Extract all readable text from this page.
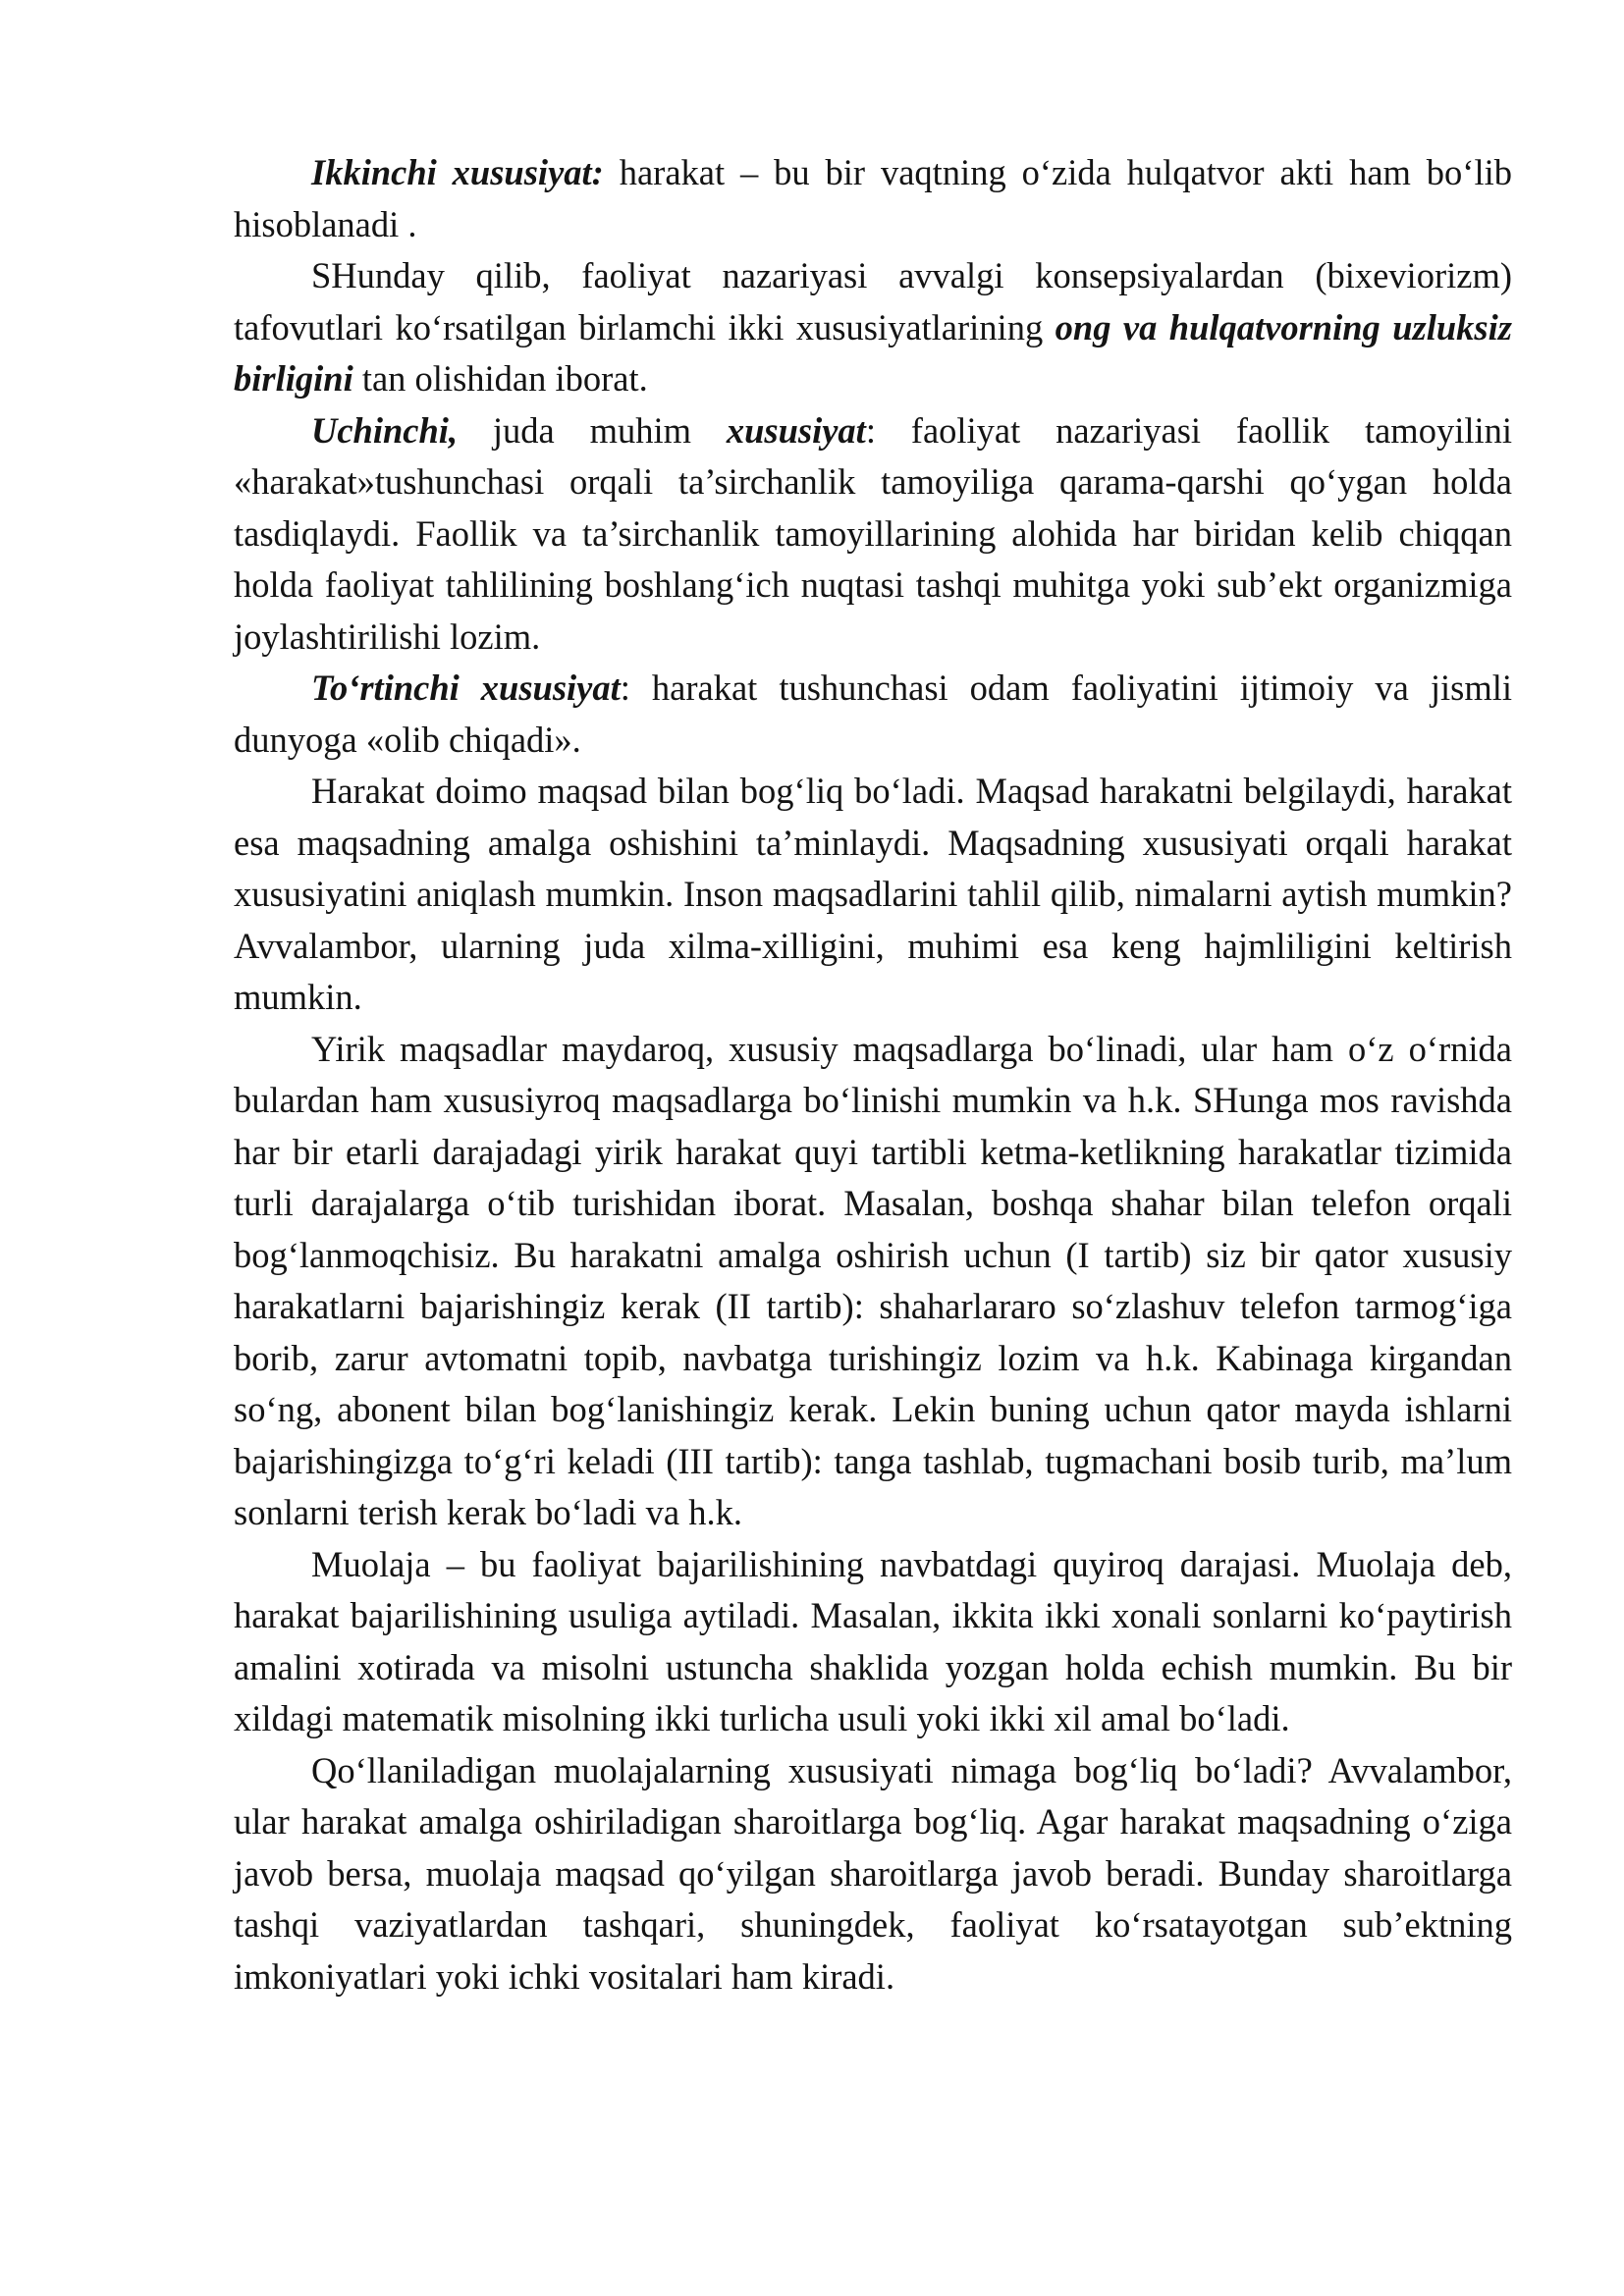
Ikkinchi xususiyat: harakat – bu bir vaqtning o‘zida hulqatvor akti ham bo‘lib hisoblanadi .

SHunday qilib, faoliyat nazariyasi avvalgi konsepsiyalardan (bixeviorizm) tafovutlari ko‘rsatilgan birlamchi ikki xususiyatlarining ong va hulqatvorning uzluksiz birligini tan olishidan iborat.

Uchinchi, juda muhim xususiyat: faoliyat nazariyasi faollik tamoyilini «harakat»tushunchasi orqali ta’sirchanlik tamoyiliga qarama-qarshi qo‘ygan holda tasdiqlaydi. Faollik va ta’sirchanlik tamoyillarining alohida har biridan kelib chiqqan holda faoliyat tahlilining boshlang‘ich nuqtasi tashqi muhitga yoki sub’ekt organizmiga joylashtirilishi lozim.

To‘rtinchi xususiyat: harakat tushunchasi odam faoliyatini ijtimoiy va jismli dunyoga «olib chiqadi».

Harakat doimo maqsad bilan bog‘liq bo‘ladi. Maqsad harakatni belgilaydi, harakat esa maqsadning amalga oshishini ta’minlaydi. Maqsadning xususiyati orqali harakat xususiyatini aniqlash mumkin. Inson maqsadlarini tahlil qilib, nimalarni aytish mumkin? Avvalambor, ularning juda xilma-xilligini, muhimi esa keng hajmliligini keltirish mumkin.

Yirik maqsadlar maydaroq, xususiy maqsadlarga bo‘linadi, ular ham o‘z o‘rnida bulardan ham xususiyroq maqsadlarga bo‘linishi mumkin va h.k. SHunga mos ravishda har bir etarli darajadagi yirik harakat quyi tartibli ketma-ketlikning harakatlar tizimida turli darajalarga o‘tib turishidan iborat. Masalan, boshqa shahar bilan telefon orqali bog‘lanmoqchisiz. Bu harakatni amalga oshirish uchun (I tartib) siz bir qator xususiy harakatlarni bajarishingiz kerak (II tartib): shaharlararo so‘zlashuv telefon tarmog‘iga borib, zarur avtomatni topib, navbatga turishingiz lozim va h.k. Kabinaga kirgandan so‘ng, abonent bilan bog‘lanishingiz kerak. Lekin buning uchun qator mayda ishlarni bajarishingizga to‘g‘ri keladi (III tartib): tanga tashlab, tugmachani bosib turib, ma’lum sonlarni terish kerak bo‘ladi va h.k.

Muolaja – bu faoliyat bajarilishining navbatdagi quyiroq darajasi. Muolaja deb, harakat bajarilishining usuliga aytiladi. Masalan, ikkita ikki xonali sonlarni ko‘paytirish amalini xotirada va misolni ustuncha shaklida yozgan holda echish mumkin. Bu bir xildagi matematik misolning ikki turlicha usuli yoki ikki xil amal bo‘ladi.

Qo‘llaniladigan muolajalarning xususiyati nimaga bog‘liq bo‘ladi? Avvalambor, ular harakat amalga oshiriladigan sharoitlarga bog‘liq. Agar harakat maqsadning o‘ziga javob bersa, muolaja maqsad qo‘yilgan sharoitlarga javob beradi. Bunday sharoitlarga tashqi vaziyatlardan tashqari, shuningdek, faoliyat ko‘rsatayotgan sub’ektning imkoniyatlari yoki ichki vositalari ham kiradi.
